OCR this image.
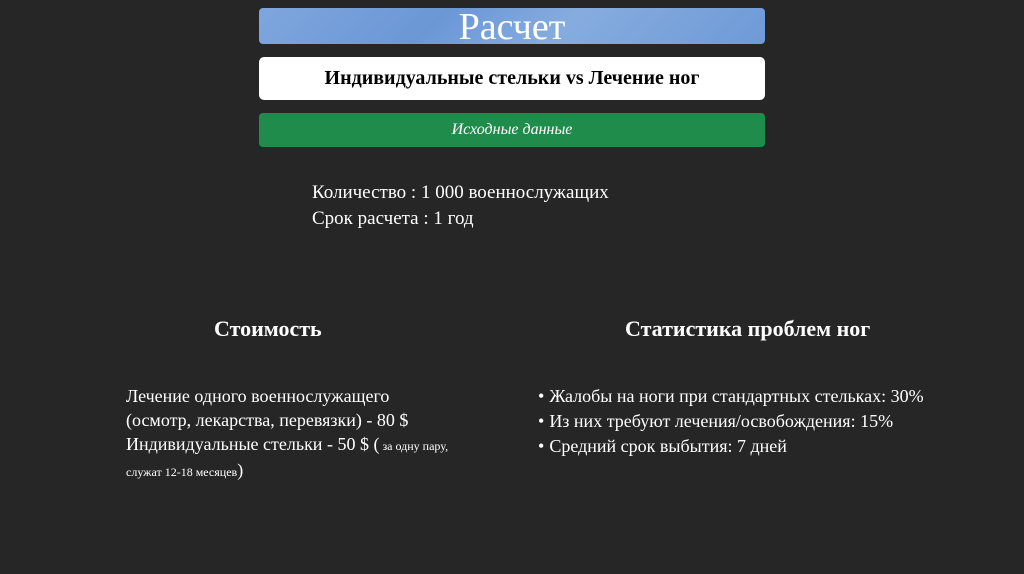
Расчет
Индивидуальные стельки vs Лечение ног
Исходные данные
Количество : 1 000 военнослужащих
Срок расчета : 1 год
Стоимость	Статистика проблем ног
Лечение одного военнослужащего
(осмотр, лекарства, перевязки) - 80 $
Индивидуальные стельки - 50 $ ( за одну пару, служат 12-18 месяцев)
• Жалобы на ноги при стандартных стельках: 30%
• Из них требуют лечения/освобождения: 15%
• Средний срок выбытия: 7 дней
